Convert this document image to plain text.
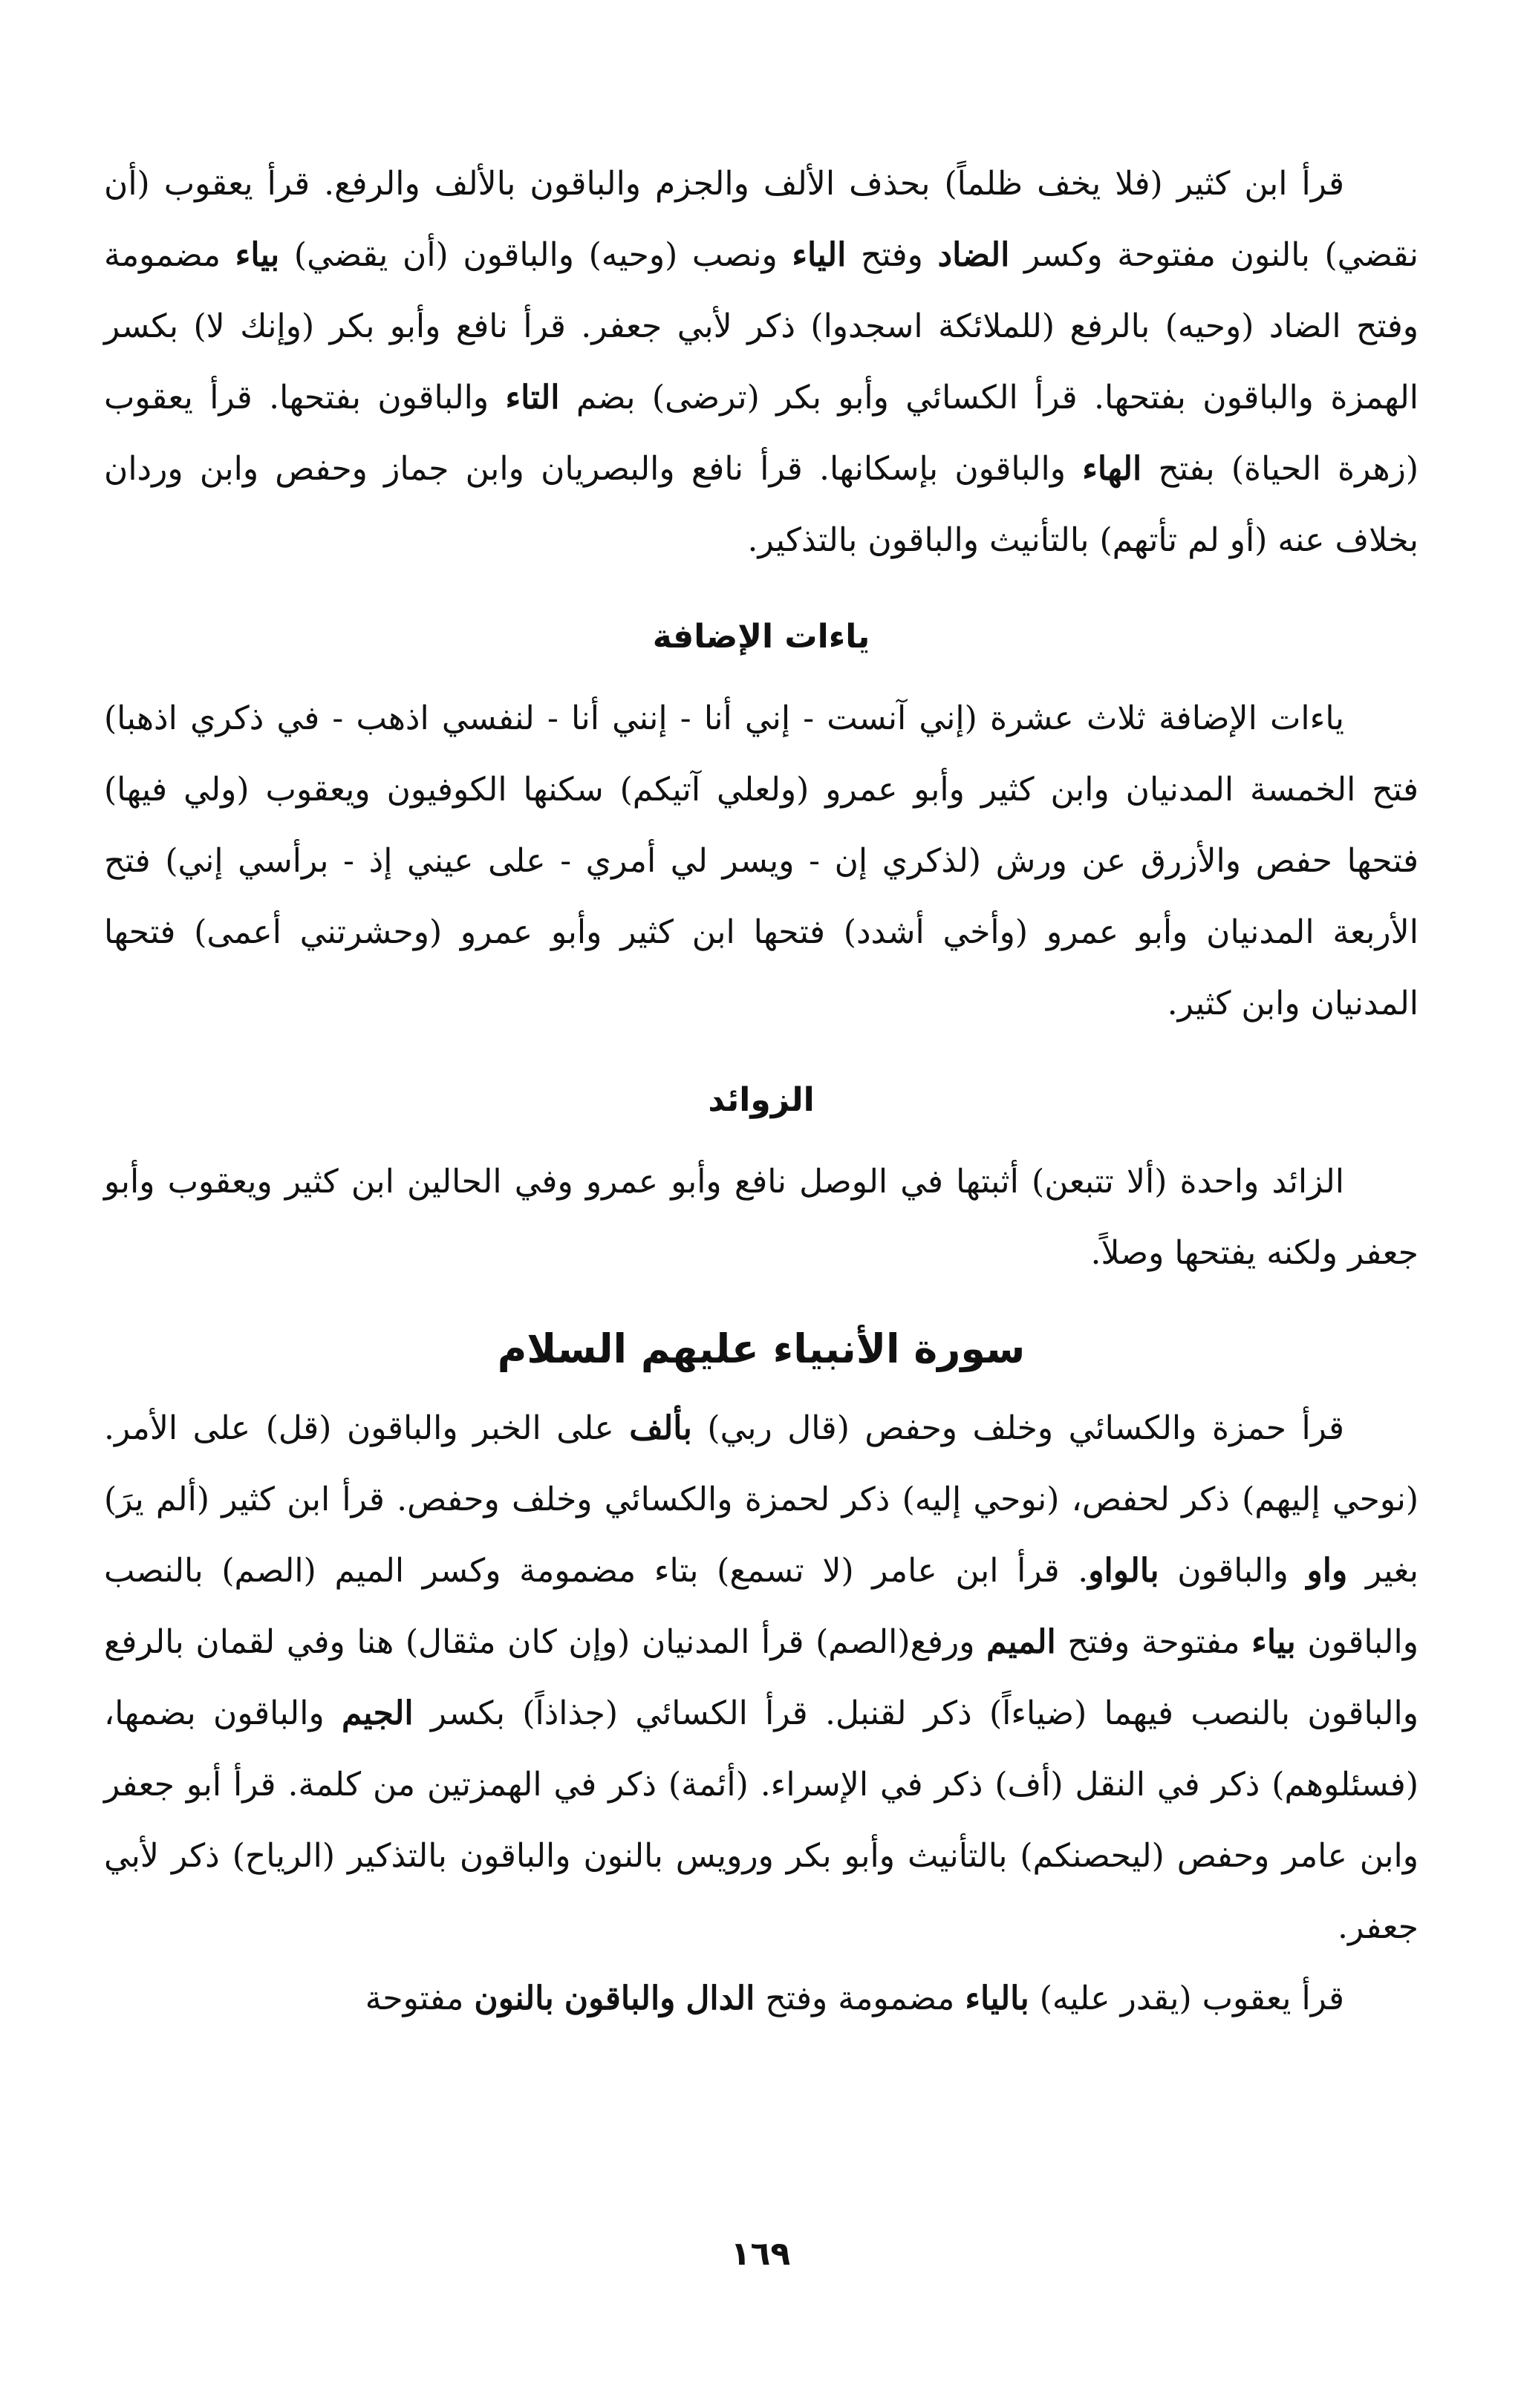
قرأ ابن كثير (فلا يخف ظلماً) بحذف الألف والجزم والباقون بالألف والرفع. قرأ يعقوب (أن نقضي) بالنون مفتوحة وكسر الضاد وفتح الياء ونصب (وحيه) والباقون (أن يقضي) بياء مضمومة وفتح الضاد (وحيه) بالرفع (للملائكة اسجدوا) ذكر لأبي جعفر. قرأ نافع وأبو بكر (وإنك لا) بكسر الهمزة والباقون بفتحها. قرأ الكسائي وأبو بكر (ترضى) بضم التاء والباقون بفتحها. قرأ يعقوب (زهرة الحياة) بفتح الهاء والباقون بإسكانها. قرأ نافع والبصريان وابن جماز وحفص وابن وردان بخلاف عنه (أو لم تأتهم) بالتأنيث والباقون بالتذكير.

ياءات الإضافة

ياءات الإضافة ثلاث عشرة (إني آنست - إني أنا - إنني أنا - لنفسي اذهب - في ذكري اذهبا) فتح الخمسة المدنيان وابن كثير وأبو عمرو (ولعلي آتيكم) سكنها الكوفيون ويعقوب (ولي فيها) فتحها حفص والأزرق عن ورش (لذكري إن - ويسر لي أمري - على عيني إذ - برأسي إني) فتح الأربعة المدنيان وأبو عمرو (وأخي أشدد) فتحها ابن كثير وأبو عمرو (وحشرتني أعمى) فتحها المدنيان وابن كثير.

الزوائد

الزائد واحدة (ألا تتبعن) أثبتها في الوصل نافع وأبو عمرو وفي الحالين ابن كثير ويعقوب وأبو جعفر ولكنه يفتحها وصلاً.

سورة الأنبياء عليهم السلام

قرأ حمزة والكسائي وخلف وحفص (قال ربي) بألف على الخبر والباقون (قل) على الأمر. (نوحي إليهم) ذكر لحفص، (نوحي إليه) ذكر لحمزة والكسائي وخلف وحفص. قرأ ابن كثير (ألم يرَ) بغير واو والباقون بالواو. قرأ ابن عامر (لا تسمع) بتاء مضمومة وكسر الميم (الصم) بالنصب والباقون بياء مفتوحة وفتح الميم ورفع(الصم) قرأ المدنيان (وإن كان مثقال) هنا وفي لقمان بالرفع والباقون بالنصب فيهما (ضياءاً) ذكر لقنبل. قرأ الكسائي (جذاذاً) بكسر الجيم والباقون بضمها، (فسئلوهم) ذكر في النقل (أف) ذكر في الإسراء. (أئمة) ذكر في الهمزتين من كلمة. قرأ أبو جعفر وابن عامر وحفص (ليحصنكم) بالتأنيث وأبو بكر ورويس بالنون والباقون بالتذكير (الرياح) ذكر لأبي جعفر.

قرأ يعقوب (يقدر عليه) بالياء مضمومة وفتح الدال والباقون بالنون مفتوحة

١٦٩
